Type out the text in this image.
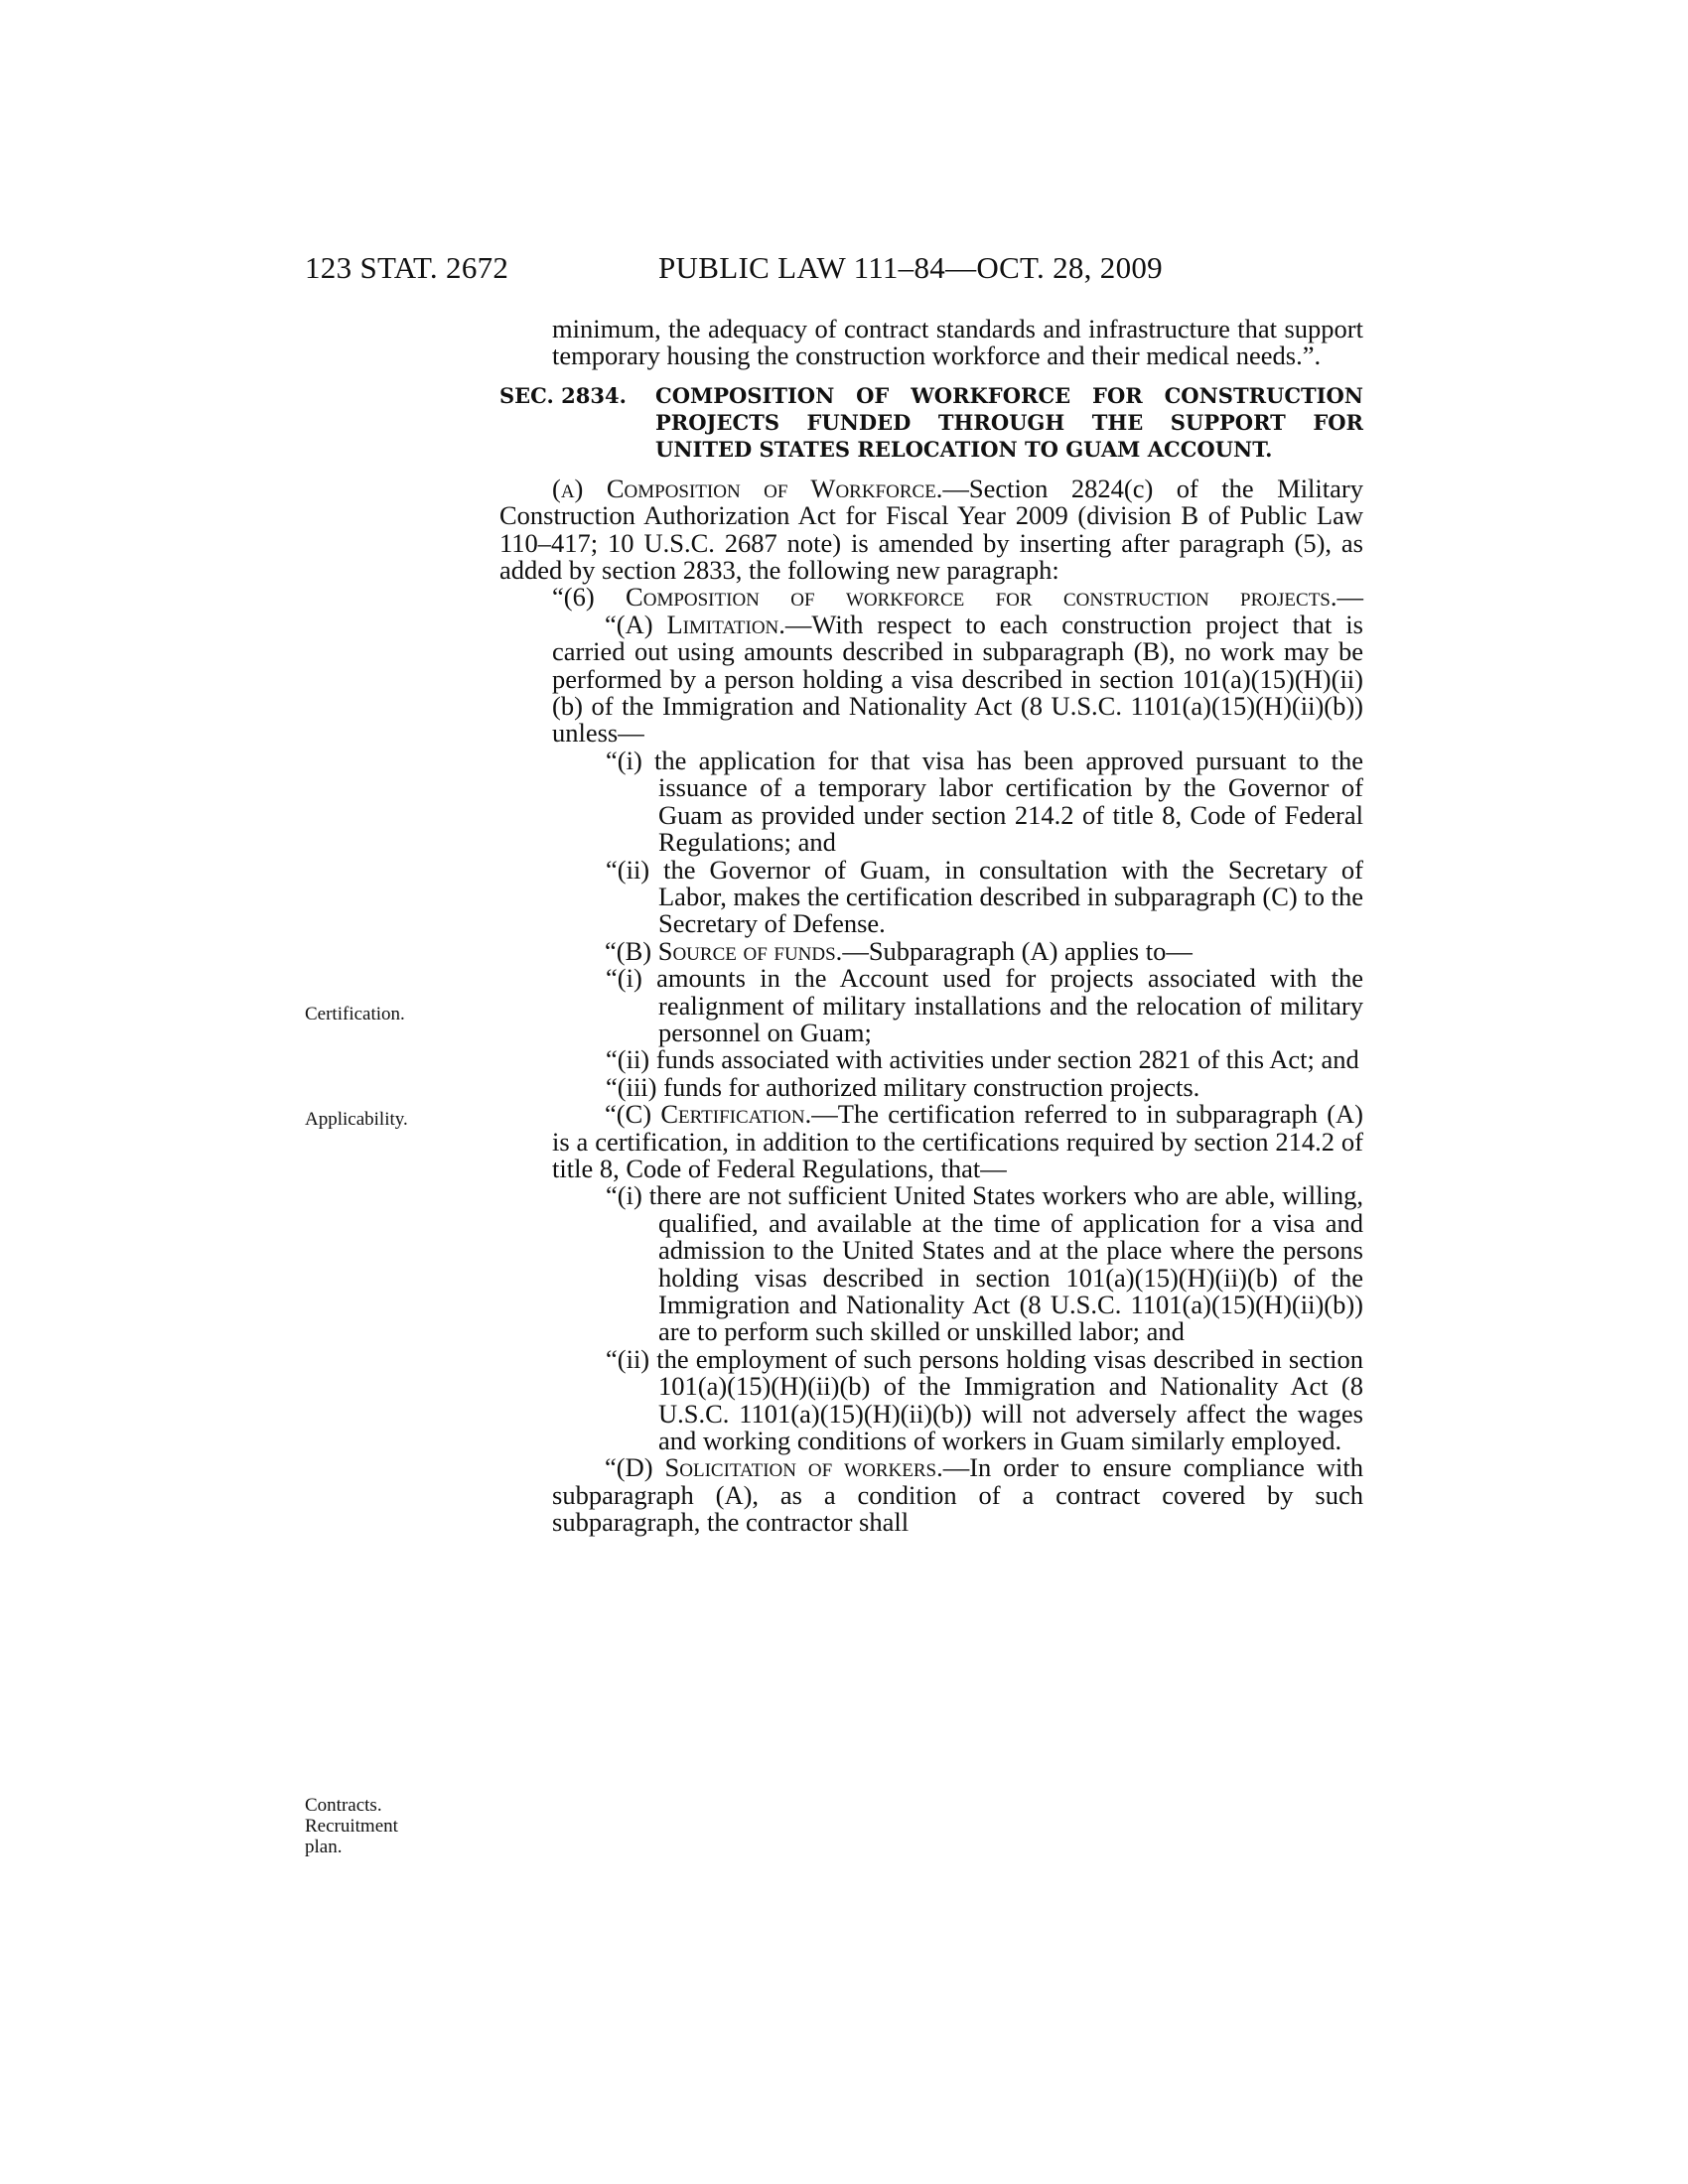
123 STAT. 2672	PUBLIC LAW 111–84—OCT. 28, 2009
Certification.
Applicability.
Contracts.
Recruitment
plan.

minimum, the adequacy of contract standards and infrastructure that support temporary housing the construction workforce and their medical needs.”.

SEC. 2834. COMPOSITION OF WORKFORCE FOR CONSTRUCTION PROJECTS FUNDED THROUGH THE SUPPORT FOR UNITED STATES RELOCATION TO GUAM ACCOUNT.

(a) Composition of Workforce.—Section 2824(c) of the Military Construction Authorization Act for Fiscal Year 2009 (division B of Public Law 110–417; 10 U.S.C. 2687 note) is amended by inserting after paragraph (5), as added by section 2833, the following new paragraph:

“(6) Composition of workforce for construction projects.—

“(A) Limitation.—With respect to each construction project that is carried out using amounts described in subparagraph (B), no work may be performed by a person holding a visa described in section 101(a)(15)(H)(ii)(b) of the Immigration and Nationality Act (8 U.S.C. 1101(a)(15)(H)(ii)(b)) unless—

“(i) the application for that visa has been approved pursuant to the issuance of a temporary labor certification by the Governor of Guam as provided under section 214.2 of title 8, Code of Federal Regulations; and

“(ii) the Governor of Guam, in consultation with the Secretary of Labor, makes the certification described in subparagraph (C) to the Secretary of Defense.

“(B) Source of funds.—Subparagraph (A) applies to—

“(i) amounts in the Account used for projects associated with the realignment of military installations and the relocation of military personnel on Guam;

“(ii) funds associated with activities under section 2821 of this Act; and

“(iii) funds for authorized military construction projects.

“(C) Certification.—The certification referred to in subparagraph (A) is a certification, in addition to the certifications required by section 214.2 of title 8, Code of Federal Regulations, that—

“(i) there are not sufficient United States workers who are able, willing, qualified, and available at the time of application for a visa and admission to the United States and at the place where the persons holding visas described in section 101(a)(15)(H)(ii)(b) of the Immigration and Nationality Act (8 U.S.C. 1101(a)(15)(H)(ii)(b)) are to perform such skilled or unskilled labor; and

“(ii) the employment of such persons holding visas described in section 101(a)(15)(H)(ii)(b) of the Immigration and Nationality Act (8 U.S.C. 1101(a)(15)(H)(ii)(b)) will not adversely affect the wages and working conditions of workers in Guam similarly employed.

“(D) Solicitation of workers.—In order to ensure compliance with subparagraph (A), as a condition of a contract covered by such subparagraph, the contractor shall
